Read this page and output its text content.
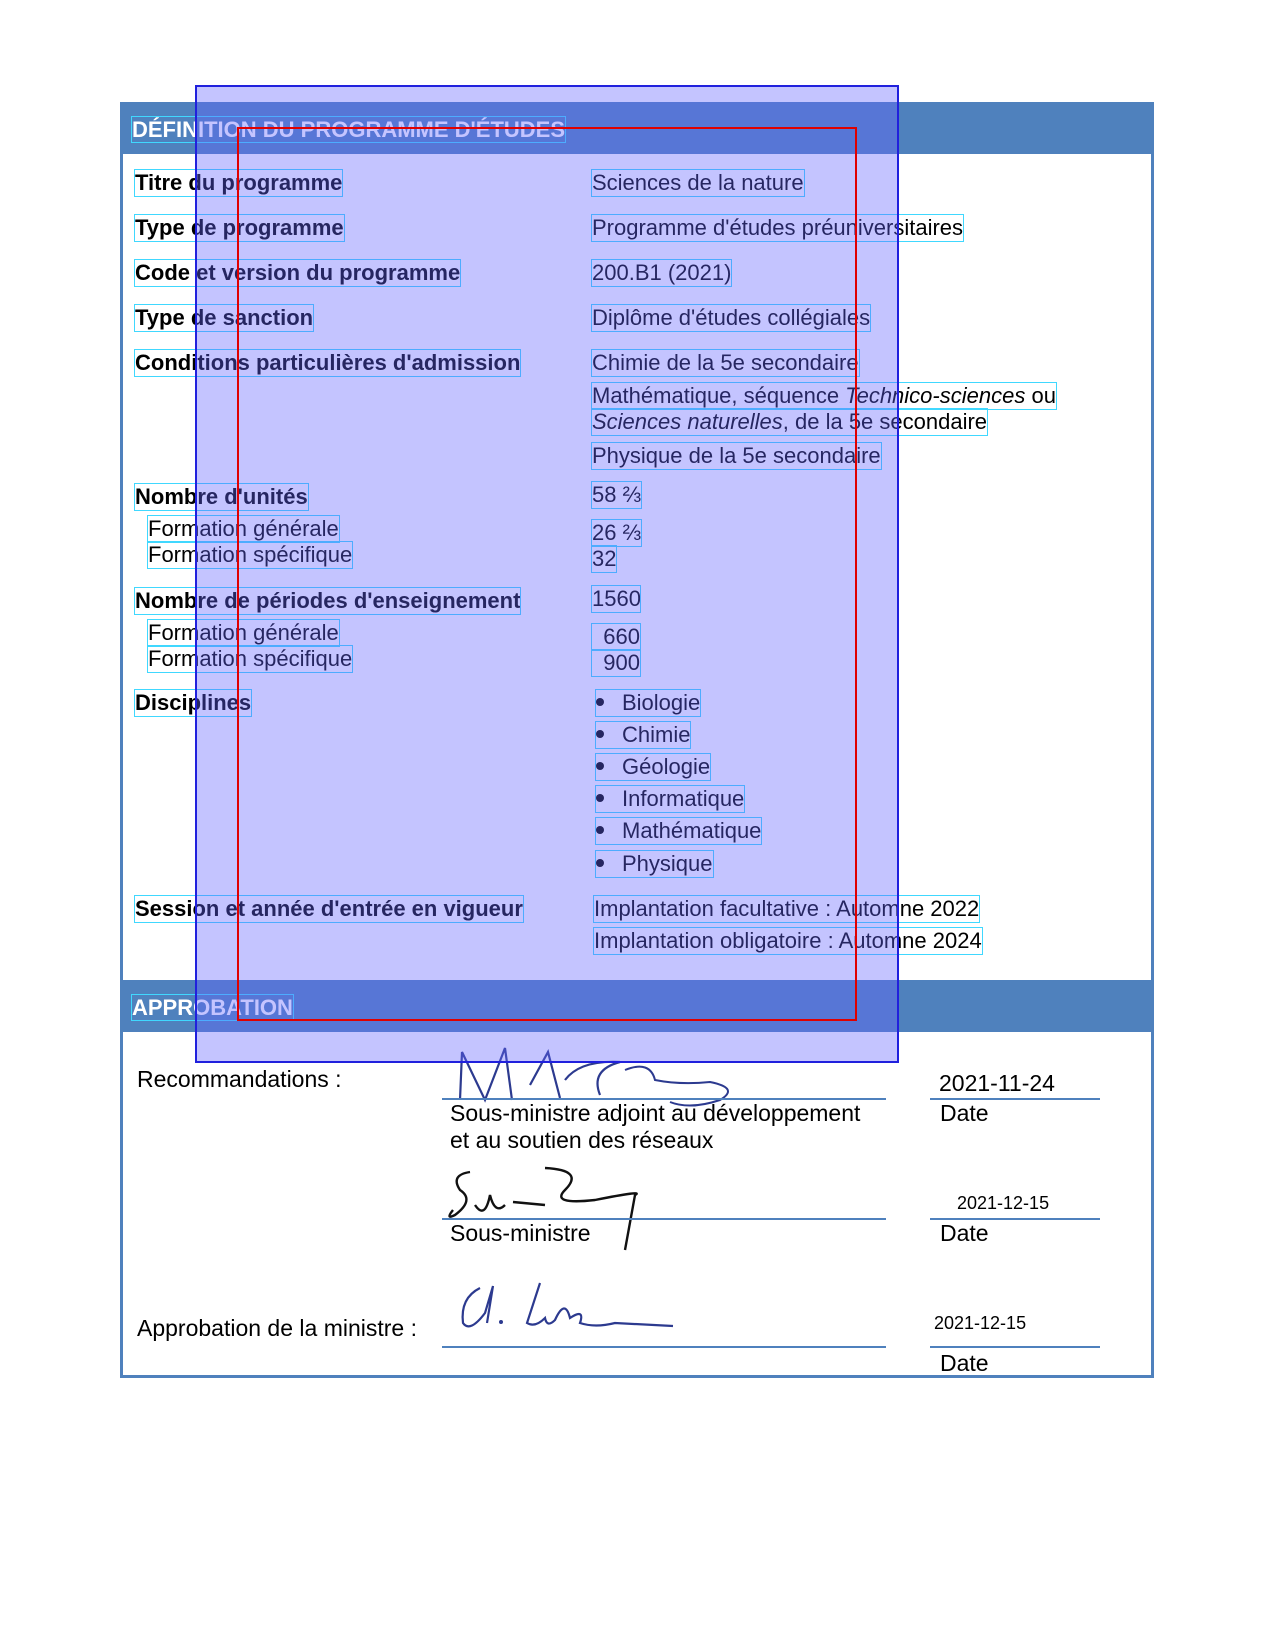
DÉFINITION DU PROGRAMME D'ÉTUDES
Titre du programme	Sciences de la nature
Type de programme	Programme d'études préuniversitaires
Code et version du programme	200.B1 (2021)
Type de sanction	Diplôme d'études collégiales
Conditions particulières d'admission	Chimie de la 5e secondaire
Mathématique, séquence Technico-sciences ou
Sciences naturelles, de la 5e secondaire
Physique de la 5e secondaire
Nombre d'unités	58 ⅔
Formation générale	26 ⅔
Formation spécifique	32
Nombre de périodes d'enseignement	1560
Formation générale	660
Formation spécifique	900
Disciplines	Biologie
Chimie
Géologie
Informatique
Mathématique
Physique
Session et année d'entrée en vigueur	Implantation facultative : Automne 2022
Implantation obligatoire : Automne 2024
APPROBATION
Recommandations :
Sous-ministre adjoint au développement
et au soutien des réseaux
2021-11-24
Date
Sous-ministre
2021-12-15
Date
Approbation de la ministre :	2021-12-15
Date
